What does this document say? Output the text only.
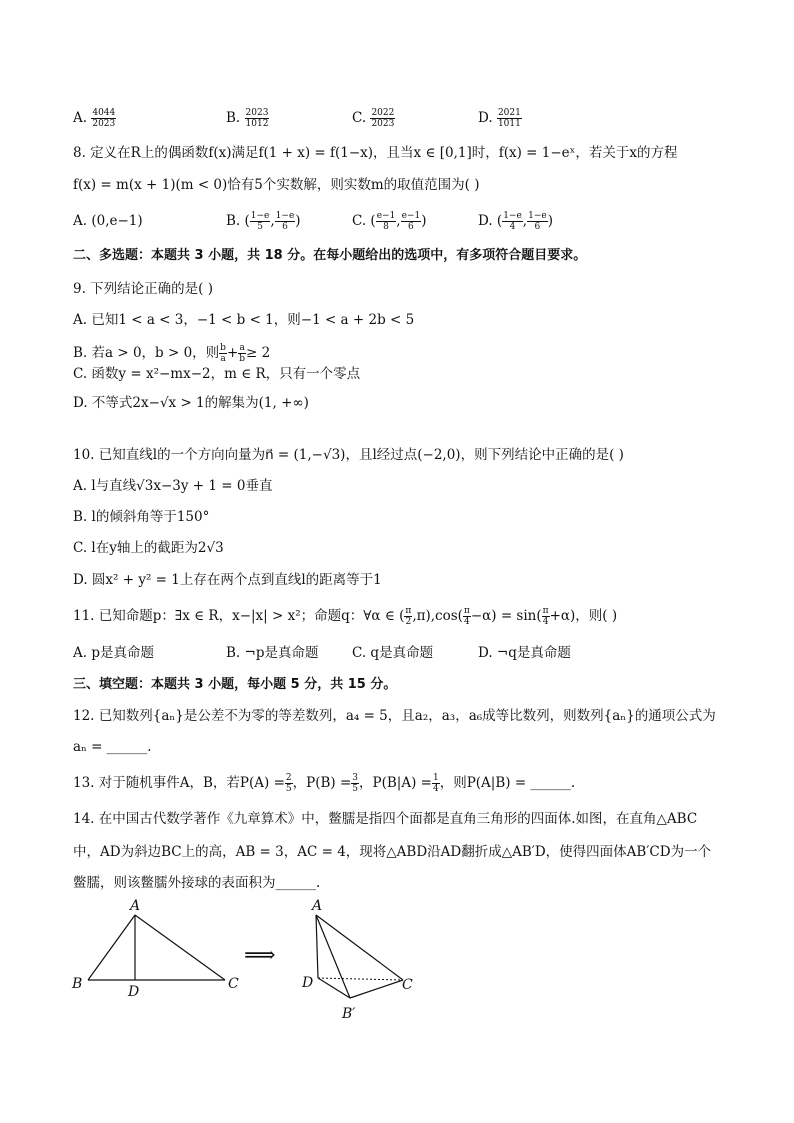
A. $\frac{4044}{2023}$	B. $\frac{2023}{1012}$	C. $\frac{2022}{2023}$	D. $\frac{2021}{1011}$
8. 定义在R上的偶函数f(x)满足f(1 + x) = f(1−x)，且当x ∈ [0,1]时，f(x) = 1−eˣ，若关于x的方程
f(x) = m(x + 1)(m < 0)恰有5个实数解，则实数m的取值范围为( )
A. (0,e−1)	B. ( $\frac{1-e}{5}$ , $\frac{1-e}{6}$ )	C. ( $\frac{e-1}{8}$ , $\frac{e-1}{6}$ )	D. ( $\frac{1-e}{4}$ , $\frac{1-e}{6}$ )
二、多选题：本题共 3 小题，共 18 分。在每小题给出的选项中，有多项符合题目要求。
9. 下列结论正确的是( )
A. 已知1 < a < 3，−1 < b < 1，则−1 < a + 2b < 5
B. 若a > 0，b > 0，则 $\frac{b}{a} + \frac{a}{b} \ge 2$
C. 函数y = x²−mx−2，m ∈ R，只有一个零点
D. 不等式2x−√x > 1的解集为(1, +∞)
10. 已知直线l的一个方向向量为n⃗ = (1,−√3)，且l经过点(−2,0)，则下列结论中正确的是( )
A. l与直线√3x−3y + 1 = 0垂直
B. l的倾斜角等于150°
C. l在y轴上的截距为2√3
D. 圆x² + y² = 1上存在两个点到直线l的距离等于1
11. 已知命题p：∃x ∈ R，x−|x| > x²；命题q：∀α ∈ ( $\frac{\pi}{2} ,\pi),\cos( \frac{\pi}{4} -\alpha) = \sin( \frac{\pi}{4} +\alpha)$，则( )
A. p是真命题	B. ¬p是真命题 C. q是真命题	D. ¬q是真命题
三、填空题：本题共 3 小题，每小题 5 分，共 15 分。
12. 已知数列{aₙ}是公差不为零的等差数列，a₄ = 5，且a₂，a₃，a₆成等比数列，则数列{aₙ}的通项公式为
aₙ = ______.
13. 对于随机事件A，B，若$P(A) = \frac{2}{5}$ ，$P(B) = \frac{3}{5}$ ，$P(B|A) = \frac{1}{4}$ ，则P(A|B) = ______.
14. 在中国古代数学著作《九章算术》中，鳖臑是指四个面都是直角三角形的四面体.如图，在直角△ABC
中，AD为斜边BC上的高，AB = 3，AC = 4，现将△ABD沿AD翻折成△AB′D，使得四面体AB′CD为一个
鳖臑，则该鳖臑外接球的表面积为______.
A
B	C
D
⟹
A
D	C
B′
